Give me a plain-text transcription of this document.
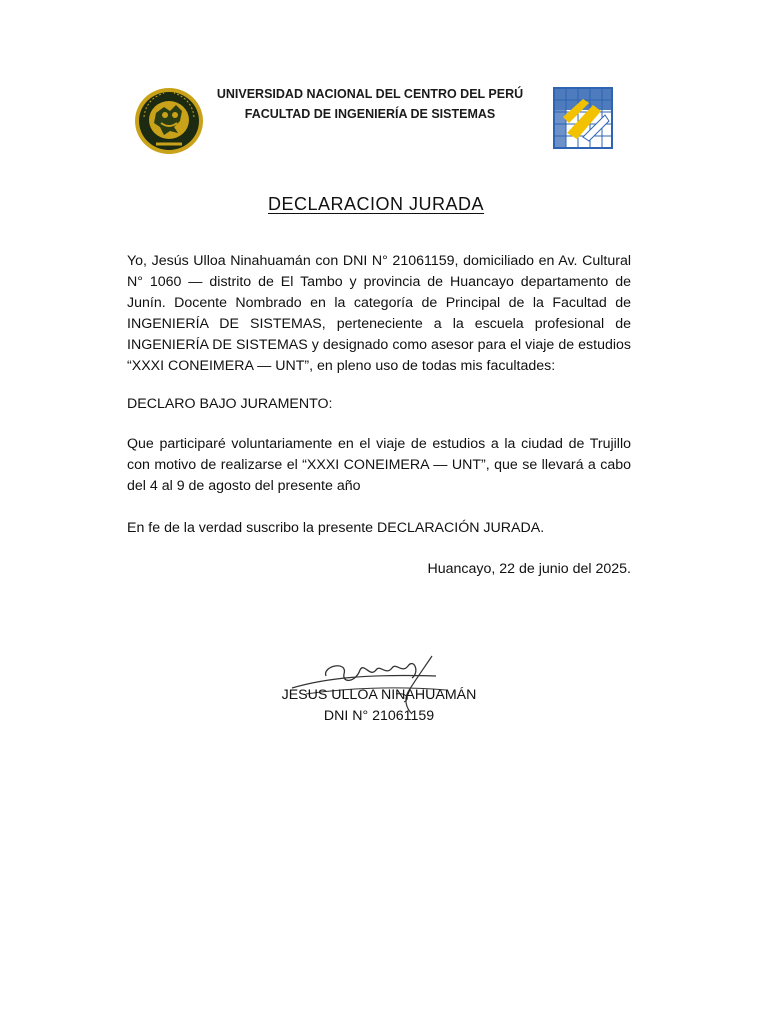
UNIVERSIDAD NACIONAL DEL CENTRO DEL PERÚ
FACULTAD DE INGENIERÍA DE SISTEMAS
DECLARACION JURADA
Yo, Jesús Ulloa Ninahuamán con DNI N° 21061159, domiciliado en Av. Cultural N° 1060 — distrito de El Tambo y provincia de Huancayo departamento de Junín. Docente Nombrado en la categoría de Principal de la Facultad de INGENIERÍA DE SISTEMAS, perteneciente a la escuela profesional de INGENIERÍA DE SISTEMAS y designado como asesor para el viaje de estudios “XXXI CONEIMERA — UNT”, en pleno uso de todas mis facultades:
DECLARO BAJO JURAMENTO:
Que participaré voluntariamente en el viaje de estudios a la ciudad de Trujillo con motivo de realizarse el “XXXI CONEIMERA — UNT”, que se llevará a cabo del 4 al 9 de agosto del presente año
En fe de la verdad suscribo la presente DECLARACIÓN JURADA.
Huancayo, 22 de junio del 2025.
JESUS ULLOA NINAHUAMÁN
DNI N° 21061159
